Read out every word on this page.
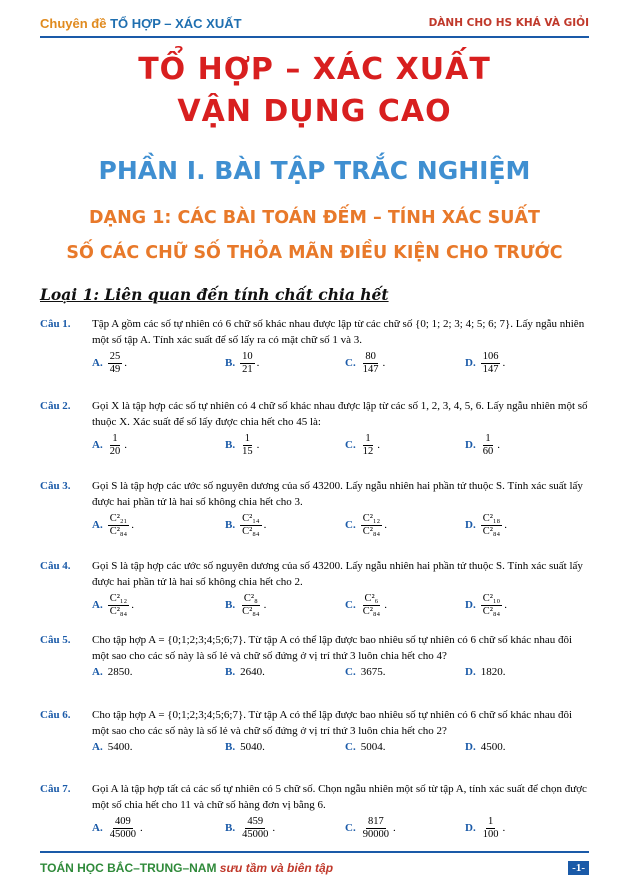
Chuyên đề TỔ HỢP – XÁC XUẤT	DÀNH CHO HS KHÁ VÀ GIỎI
TỔ HỢP – XÁC XUẤT
VẬN DỤNG CAO
PHẦN I. BÀI TẬP TRẮC NGHIỆM
DẠNG 1: CÁC BÀI TOÁN ĐẾM – TÍNH XÁC SUẤT
SỐ CÁC CHỮ SỐ THỎA MÃN ĐIỀU KIỆN CHO TRƯỚC
Loại 1: Liên quan đến tính chất chia hết
Câu 1. Tập A gồm các số tự nhiên có 6 chữ số khác nhau được lập từ các chữ số {0; 1; 2; 3; 4; 5; 6; 7}. Lấy ngẫu nhiên một số tập A. Tính xác suất để số lấy ra có mặt chữ số 1 và 3.
A. $\frac{25}{49}$ .	B. $\frac{10}{21}$ .	C. $\frac{80}{147}$ .	D. $\frac{106}{147}$ .
Câu 2. Gọi X là tập hợp các số tự nhiên có 4 chữ số khác nhau được lập từ các số 1, 2, 3, 4, 5, 6. Lấy ngẫu nhiên một số thuộc X. Xác suất để số lấy được chia hết cho 45 là:
A. $\frac{1}{20}$ .	B. $\frac{1}{15}$ .	C. $\frac{1}{12}$ .	D. $\frac{1}{60}$ .
Câu 3. Gọi S là tập hợp các ước số nguyên dương của số 43200. Lấy ngẫu nhiên hai phần tử thuộc S. Tính xác suất lấy được hai phần tử là hai số không chia hết cho 3.
A. $\frac{\text{C²₂₁}}{\text{C²₈₄}}$ .	B. $\frac{\text{C²₁₄}}{\text{C²₈₄}}$ .	C. $\frac{\text{C²₁₂}}{\text{C²₈₄}}$ .	D. $\frac{\text{C²₁₈}}{\text{C²₈₄}}$ .
Câu 4. Gọi S là tập hợp các ước số nguyên dương của số 43200. Lấy ngẫu nhiên hai phần tử thuộc S. Tính xác suất lấy được hai phần tử là hai số không chia hết cho 2.
A. $\frac{\text{C²₁₂}}{\text{C²₈₄}}$ .	B. $\frac{\text{C²₈}}{\text{C²₈₄}}$ .	C. $\frac{\text{C²₆}}{\text{C²₈₄}}$ .	D. $\frac{\text{C²₁₀}}{\text{C²₈₄}}$ .
Câu 5. Cho tập hợp A = {0;1;2;3;4;5;6;7}. Từ tập A có thể lập được bao nhiêu số tự nhiên có 6 chữ số khác nhau đôi một sao cho các số này là số lẻ và chữ số đứng ở vị trí thứ 3 luôn chia hết cho 4?
A. 2850.	B. 2640.	C. 3675.	D. 1820.
Câu 6. Cho tập hợp A = {0;1;2;3;4;5;6;7}. Từ tập A có thể lập được bao nhiêu số tự nhiên có 6 chữ số khác nhau đôi một sao cho các số này là số lẻ và chữ số đứng ở vị trí thứ 3 luôn chia hết cho 2?
A. 5400.	B. 5040.	C. 5004.	D. 4500.
Câu 7. Gọi A là tập hợp tất cả các số tự nhiên có 5 chữ số. Chọn ngẫu nhiên một số từ tập A, tính xác suất để chọn được một số chia hết cho 11 và chữ số hàng đơn vị bằng 6.
A. $\frac{409}{45000}$ .	B. $\frac{459}{45000}$ .	C. $\frac{817}{90000}$ .	D. $\frac{1}{100}$ .
TOÁN HỌC BẮC–TRUNG–NAM sưu tầm và biên tập	-1-
